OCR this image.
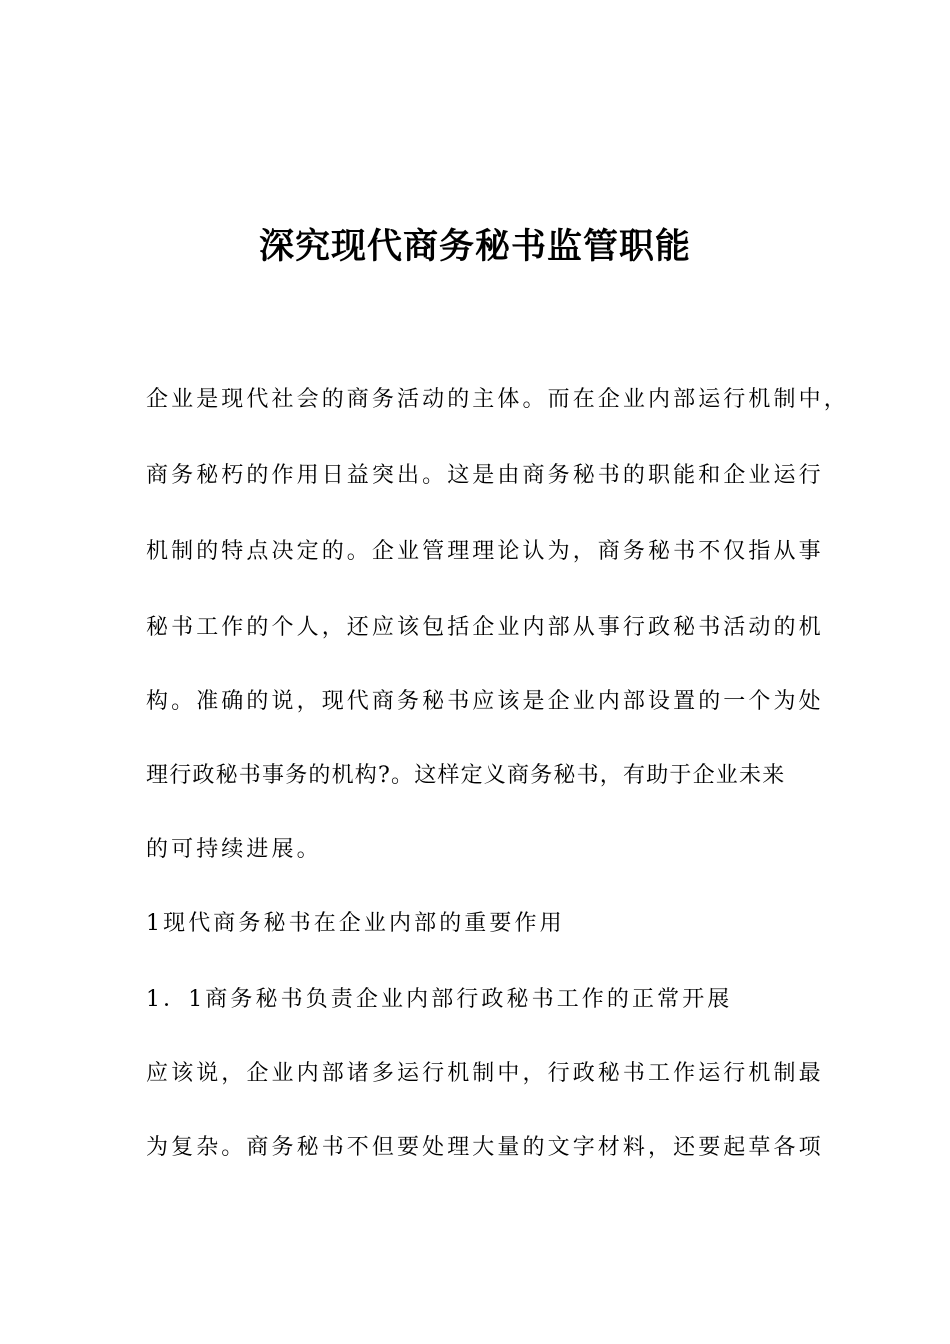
深究现代商务秘书监管职能

企业是现代社会的商务活动的主体。而在企业内部运行机制中，

商务秘朽的作用日益突出。这是由商务秘书的职能和企业运行

机制的特点决定的。企业管理理论认为，商务秘书不仅指从事

秘书工作的个人，还应该包括企业内部从事行政秘书活动的机

构。准确的说，现代商务秘书应该是企业内部设置的一个为处

理行政秘书事务的机构?。这样定义商务秘书，有助于企业未来

的可持续进展。

1现代商务秘书在企业内部的重要作用

1．1商务秘书负责企业内部行政秘书工作的正常开展

应该说，企业内部诸多运行机制中，行政秘书工作运行机制最

为复杂。商务秘书不但要处理大量的文字材料，还要起草各项
